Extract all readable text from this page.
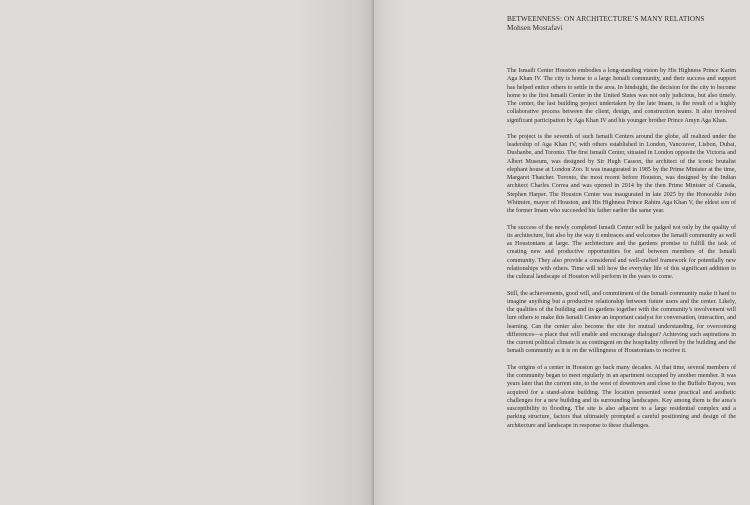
BETWEENNESS: ON ARCHITECTURE’S MANY RELATIONS
Mohsen Mostafavi

The Ismaili Center Houston embodies a long-standing vision by His Highness Prince Karim Aga Khan IV. The city is home to a large Ismaili community, and their success and support has helped entice others to settle in the area. In hindsight, the decision for the city to become home to the first Ismaili Center in the United States was not only judicious, but also timely. The center, the last building project undertaken by the late Imam, is the result of a highly collaborative process between the client, design, and construction teams. It also involved significant participation by Aga Khan IV and his younger brother Prince Amyn Aga Khan.

The project is the seventh of such Ismaili Centers around the globe, all realized under the leadership of Aga Khan IV, with others established in London, Vancouver, Lisbon, Dubai, Dushanbe, and Toronto. The first Ismaili Center, situated in London opposite the Victoria and Albert Museum, was designed by Sir Hugh Casson, the architect of the iconic brutalist elephant house at London Zoo. It was inaugurated in 1985 by the Prime Minister at the time, Margaret Thatcher. Toronto, the most recent before Houston, was designed by the Indian architect Charles Correa and was opened in 2014 by the then Prime Minister of Canada, Stephen Harper. The Houston Center was inaugurated in late 2025 by the Honorable John Whitmire, mayor of Houston, and His Highness Prince Rahim Aga Khan V, the eldest son of the former Imam who succeeded his father earlier the same year.

The success of the newly completed Ismaili Center will be judged not only by the quality of its architecture, but also by the way it embraces and welcomes the Ismaili community as well as Houstonians at large. The architecture and the gardens promise to fulfill the task of creating new and productive opportunities for and between members of the Ismaili community. They also provide a considered and well-crafted framework for potentially new relationships with others. Time will tell how the everyday life of this significant addition to the cultural landscape of Houston will perform in the years to come.

Still, the achievements, good will, and commitment of the Ismaili community make it hard to imagine anything but a productive relationship between future users and the center. Likely, the qualities of the building and its gardens together with the community’s involvement will lure others to make this Ismaili Center an important catalyst for conversation, interaction, and learning. Can the center also become the site for mutual understanding, for overcoming differences—a place that will enable and encourage dialogue? Achieving such aspirations in the current political climate is as contingent on the hospitality offered by the building and the Ismaili community as it is on the willingness of Houstonians to receive it.

The origins of a center in Houston go back many decades. At that time, several members of the community began to meet regularly in an apartment occupied by another member. It was years later that the current site, to the west of downtown and close to the Buffalo Bayou, was acquired for a stand-alone building. The location presented some practical and aesthetic challenges for a new building and its surrounding landscapes. Key among them is the area’s susceptibility to flooding. The site is also adjacent to a large residential complex and a parking structure, factors that ultimately prompted a careful positioning and design of the architecture and landscape in response to these challenges.
